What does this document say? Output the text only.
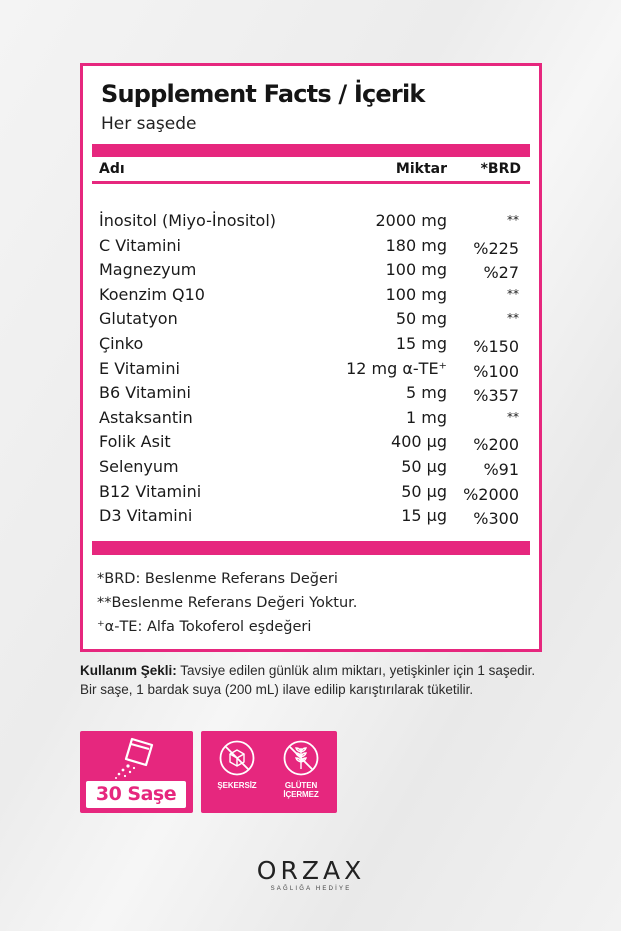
Supplement Facts / İçerik
Her saşede
Adı	Miktar *BRD
İnositol (Miyo-İnositol)	2000 mg	**
C Vitamini	180 mg %225
Magnezyum	100 mg %27
Koenzim Q10	100 mg	**
Glutatyon	50 mg	**
Çinko	15 mg %150
E Vitamini	12 mg α-TE⁺ %100
B6 Vitamini	5 mg %357
Astaksantin	1 mg	**
Folik Asit	400 µg %200
Selenyum	50 µg %91
B12 Vitamini	50 µg %2000
D3 Vitamini	15 µg %300
*BRD: Beslenme Referans Değeri
**Beslenme Referans Değeri Yoktur.
⁺α-TE: Alfa Tokoferol eşdeğeri
Kullanım Şekli: Tavsiye edilen günlük alım miktarı, yetişkinler için 1 saşedir. Bir saşe, 1 bardak suya (200 mL) ilave edilip karıştırılarak tüketilir.
30 Saşe	ŞEKERSİZ	GLÜTEN
İÇERMEZ
ORZAX
SAĞLIĞA HEDİYE
